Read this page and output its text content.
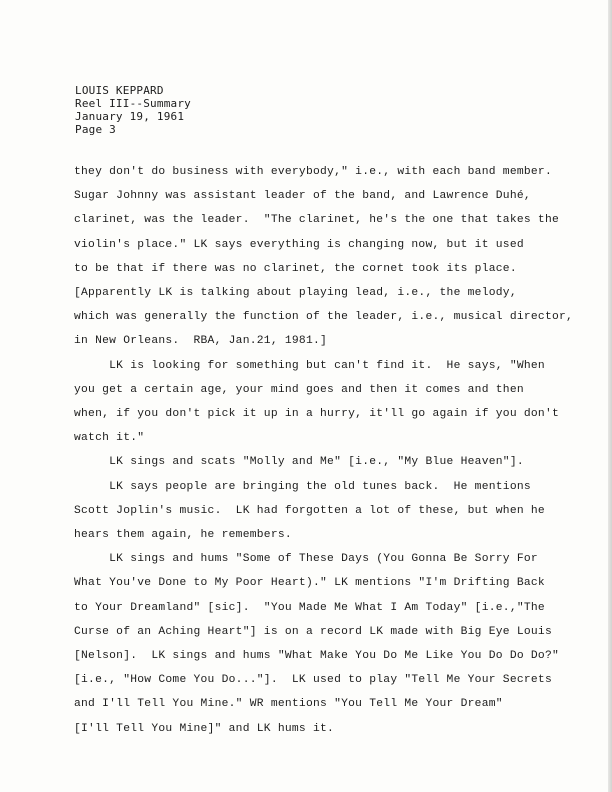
LOUIS KEPPARD
Reel III--Summary
January 19, 1961
Page 3
they don't do business with everybody," i.e., with each band member.
Sugar Johnny was assistant leader of the band, and Lawrence Duhé,
clarinet, was the leader.  "The clarinet, he's the one that takes the
violin's place." LK says everything is changing now, but it used
to be that if there was no clarinet, the cornet took its place.
[Apparently LK is talking about playing lead, i.e., the melody,
which was generally the function of the leader, i.e., musical director,
in New Orleans.  RBA, Jan.21, 1981.]
LK is looking for something but can't find it.  He says, "When
you get a certain age, your mind goes and then it comes and then
when, if you don't pick it up in a hurry, it'll go again if you don't
watch it."
LK sings and scats "Molly and Me" [i.e., "My Blue Heaven"].
LK says people are bringing the old tunes back.  He mentions
Scott Joplin's music.  LK had forgotten a lot of these, but when he
hears them again, he remembers.
LK sings and hums "Some of These Days (You Gonna Be Sorry For
What You've Done to My Poor Heart)." LK mentions "I'm Drifting Back
to Your Dreamland" [sic].  "You Made Me What I Am Today" [i.e.,"The
Curse of an Aching Heart"] is on a record LK made with Big Eye Louis
[Nelson].  LK sings and hums "What Make You Do Me Like You Do Do Do?"
[i.e., "How Come You Do..."].  LK used to play "Tell Me Your Secrets
and I'll Tell You Mine." WR mentions "You Tell Me Your Dream"
[I'll Tell You Mine]" and LK hums it.
